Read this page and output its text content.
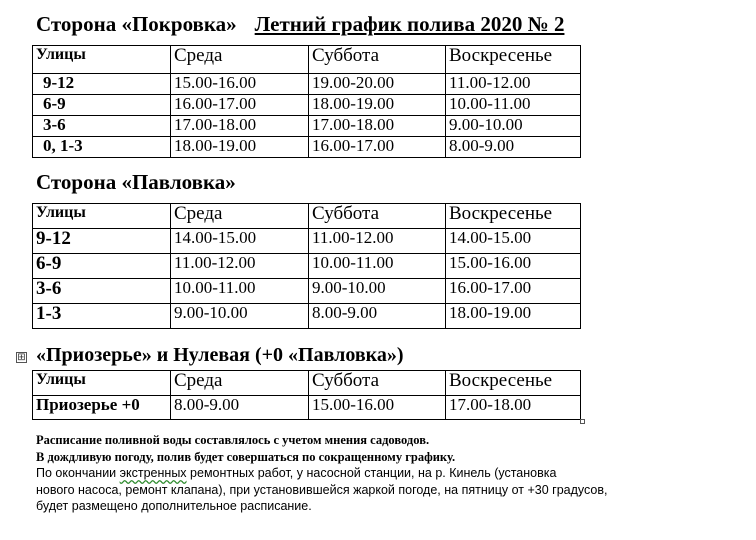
Сторона «Покровка» Летний график полива 2020 № 2
Улицы	Среда	Суббота	Воскресенье
9-12	15.00-16.00	19.00-20.00	11.00-12.00
6-9	16.00-17.00	18.00-19.00	10.00-11.00
3-6	17.00-18.00	17.00-18.00	9.00-10.00
0, 1-3	18.00-19.00	16.00-17.00	8.00-9.00
Сторона «Павловка»
Улицы	Среда	Суббота	Воскресенье
9-12	14.00-15.00	11.00-12.00	14.00-15.00
6-9	11.00-12.00	10.00-11.00	15.00-16.00
3-6	10.00-11.00	9.00-10.00	16.00-17.00
1-3	9.00-10.00	8.00-9.00	18.00-19.00
⊞ «Приозерье» и Нулевая (+0 «Павловка»)
Улицы	Среда	Суббота	Воскресенье
Приозерье +0	8.00-9.00	15.00-16.00	17.00-18.00
Расписание поливной воды составлялось с учетом мнения садоводов.
В дождливую погоду, полив будет совершаться по сокращенному графику.
По окончании экстренных ремонтных работ, у насосной станции, на р. Кинель (установка
нового насоса, ремонт клапана), при установившейся жаркой погоде, на пятницу от +30 градусов,
будет размещено дополнительное расписание.
